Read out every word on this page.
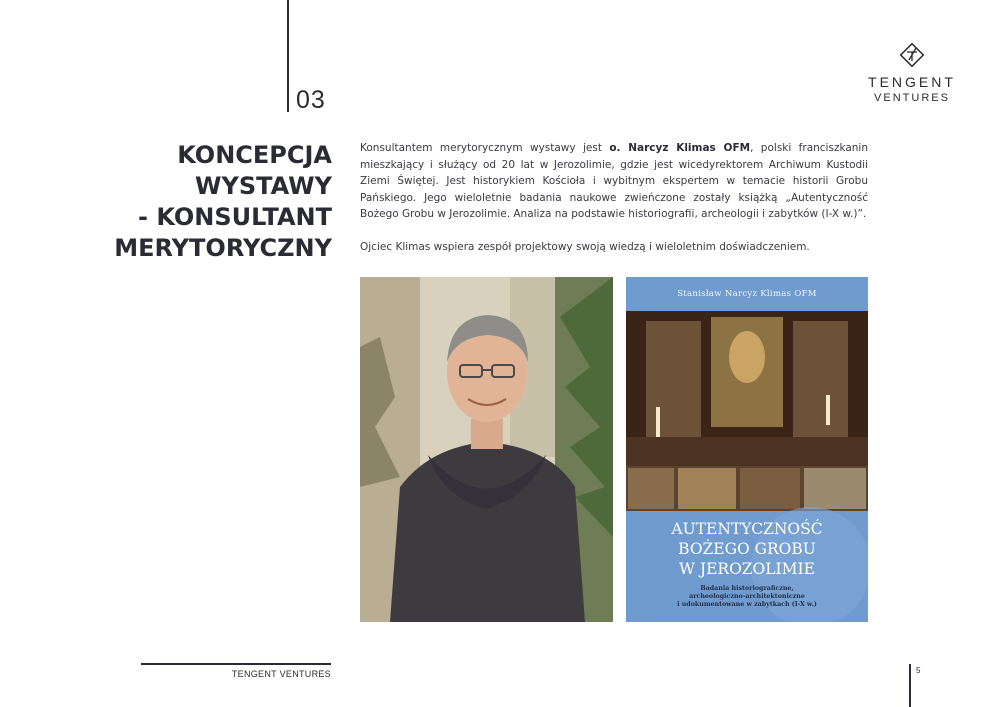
03
TENGENT
VENTURES
KONCEPCJA
WYSTAWY
- KONSULTANT
MERYTORYCZNY

Konsultantem merytorycznym wystawy jest o. Narcyz Klimas OFM, polski franciszkanin mieszkający i służący od 20 lat w Jerozolimie, gdzie jest wicedyrektorem Archiwum Kustodii Ziemi Świętej. Jest historykiem Kościoła i wybitnym ekspertem w temacie historii Grobu Pańskiego. Jego wieloletnie badania naukowe zwieńczone zostały książką „Autentyczność Bożego Grobu w Jerozolimie. Analiza na podstawie historiografii, archeologii i zabytków (I-X w.)”.

Ojciec Klimas wspiera zespół projektowy swoją wiedzą i wieloletnim doświadczeniem.

Stanisław Narcyz Klimas OFM
AUTENTYCZNOŚĆ
BOŻEGO GROBU
W JEROZOLIMIE
Badania historiograficzne,
archeologiczno-architektoniczne
i udokumentowane w zabytkach (I-X w.)
TENGENT VENTURES	5
